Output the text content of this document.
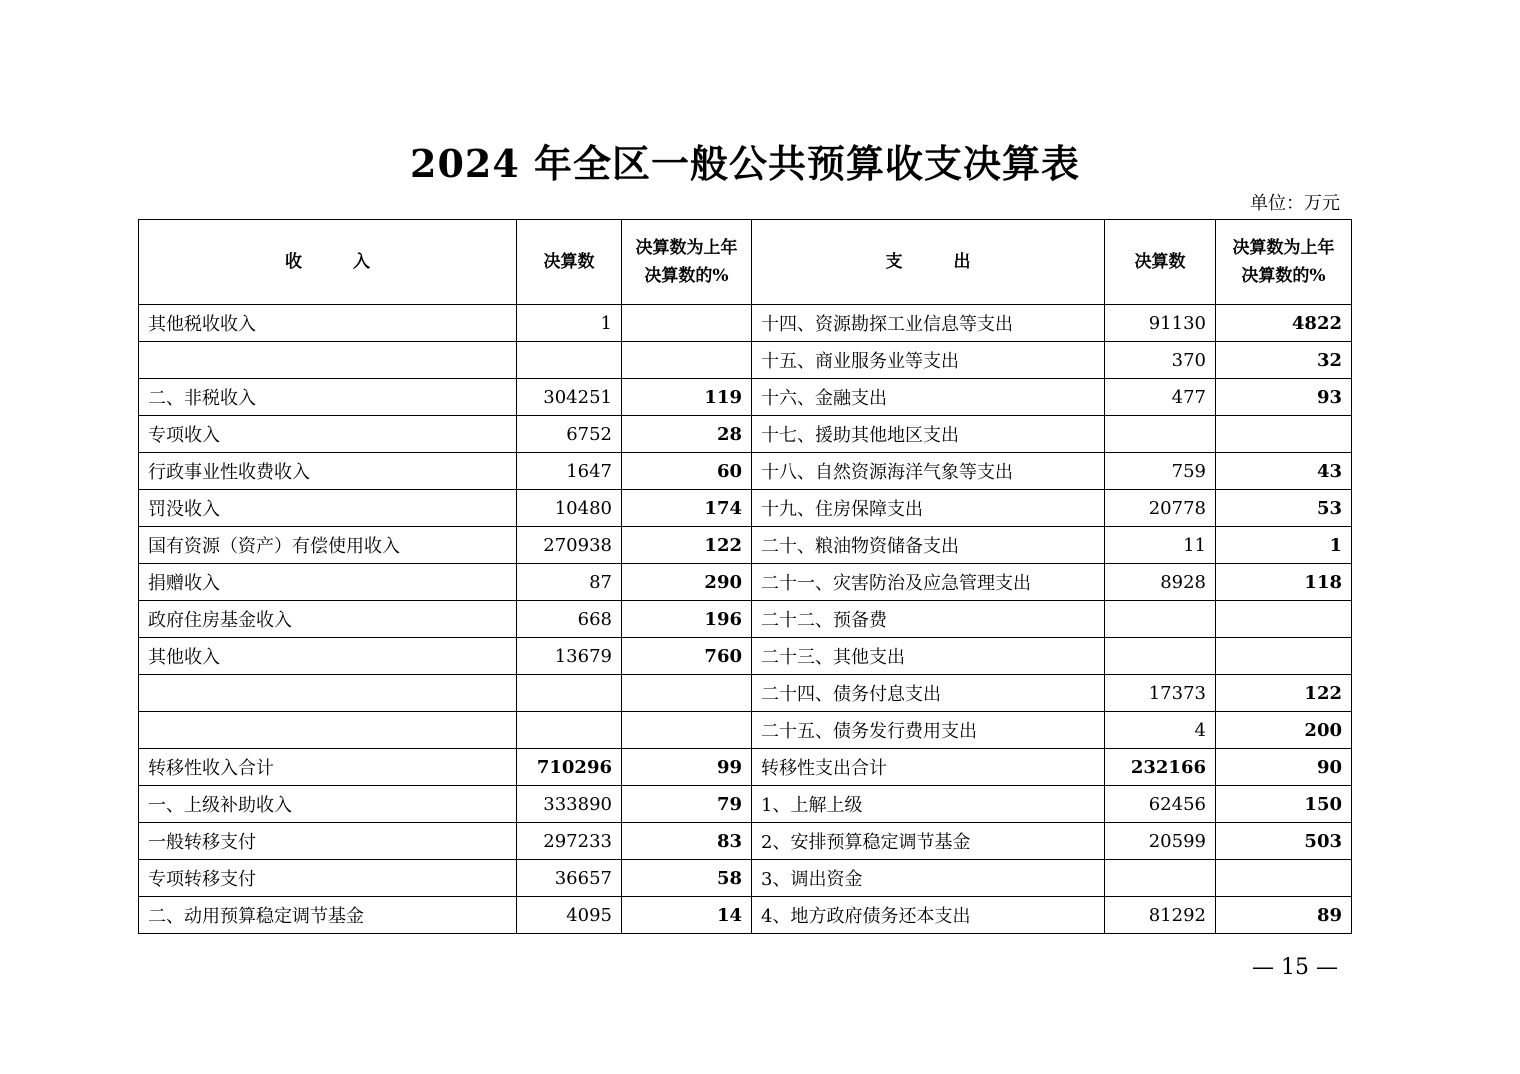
2024 年全区一般公共预算收支决算表
单位：万元
收　　　入	决算数	决算数为上年决算数的%	支　　　出	决算数	决算数为上年决算数的%

其他税收收入	1		十四、资源勘探工业信息等支出	91130	4822
			十五、商业服务业等支出	370	32
二、非税收入	304251	119	十六、金融支出	477	93
专项收入	6752	28	十七、援助其他地区支出		
行政事业性收费收入	1647	60	十八、自然资源海洋气象等支出	759	43
罚没收入	10480	174	十九、住房保障支出	20778	53
国有资源（资产）有偿使用收入	270938	122	二十、粮油物资储备支出	11	1
捐赠收入	87	290	二十一、灾害防治及应急管理支出	8928	118
政府住房基金收入	668	196	二十二、预备费		
其他收入	13679	760	二十三、其他支出		
			二十四、债务付息支出	17373	122
			二十五、债务发行费用支出	4	200
转移性收入合计	710296	99	转移性支出合计	232166	90
一、上级补助收入	333890	79	1、上解上级	62456	150
一般转移支付	297233	83	2、安排预算稳定调节基金	20599	503
专项转移支付	36657	58	3、调出资金		
二、动用预算稳定调节基金	4095	14	4、地方政府债务还本支出	81292	89
— 15 —
